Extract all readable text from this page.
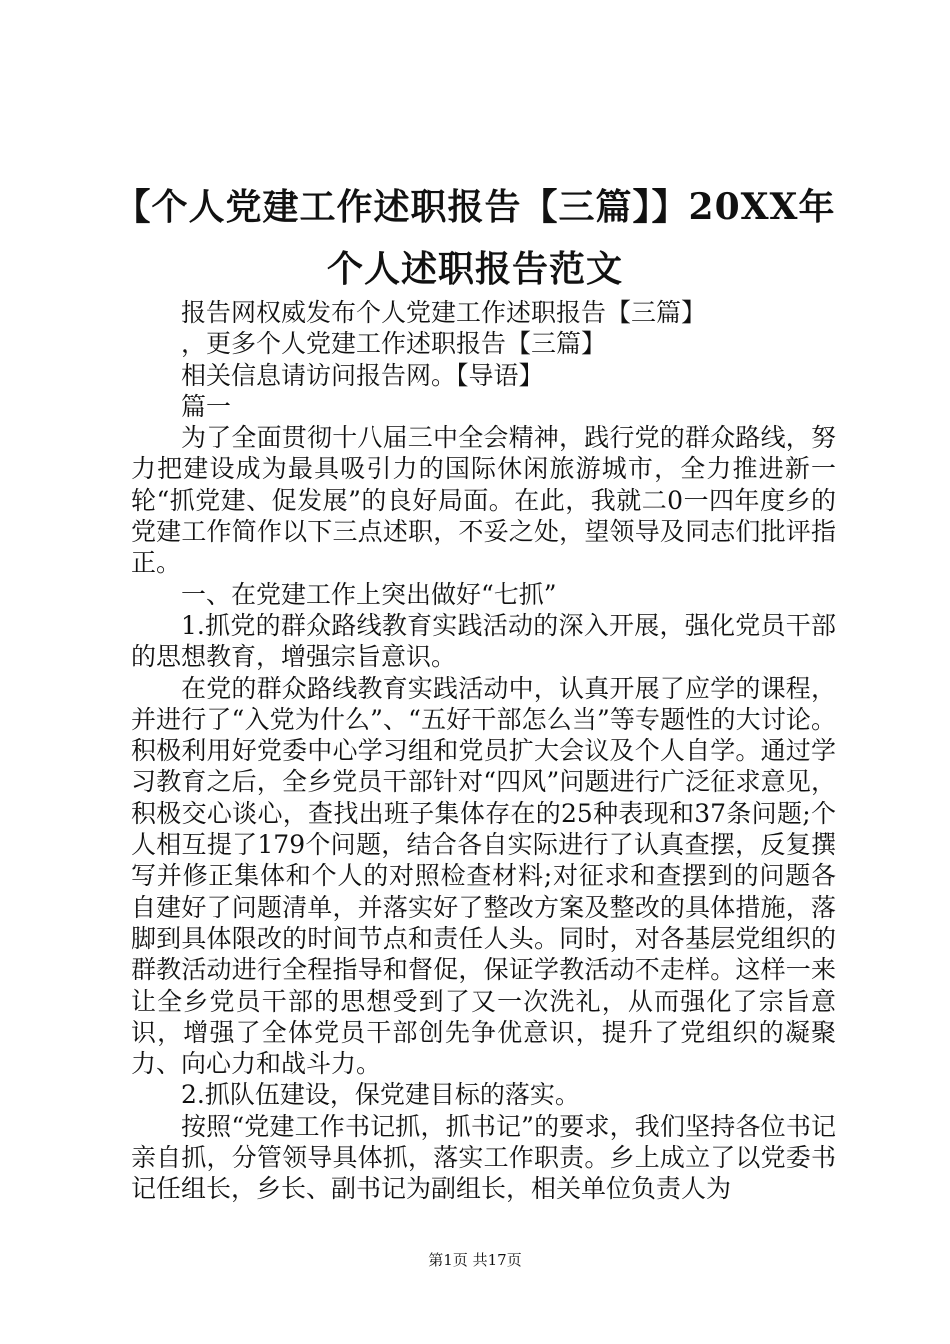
【个人党建工作述职报告【三篇】】20XX年
个人述职报告范文

报告网权威发布个人党建工作述职报告【三篇】

，更多个人党建工作述职报告【三篇】

相关信息请访问报告网。【导语】

篇一

为了全面贯彻十八届三中全会精神，践行党的群众路线，努力把建设成为最具吸引力的国际休闲旅游城市，全力推进新一轮“抓党建、促发展”的良好局面。在此，我就二0一四年度乡的党建工作简作以下三点述职，不妥之处，望领导及同志们批评指正。

一、在党建工作上突出做好“七抓”

1.抓党的群众路线教育实践活动的深入开展，强化党员干部的思想教育，增强宗旨意识。

在党的群众路线教育实践活动中，认真开展了应学的课程，并进行了“入党为什么”、“五好干部怎么当”等专题性的大讨论。积极利用好党委中心学习组和党员扩大会议及个人自学。通过学习教育之后，全乡党员干部针对“四风”问题进行广泛征求意见，积极交心谈心，查找出班子集体存在的25种表现和37条问题;个人相互提了179个问题，结合各自实际进行了认真查摆，反复撰写并修正集体和个人的对照检查材料;对征求和查摆到的问题各自建好了问题清单，并落实好了整改方案及整改的具体措施，落脚到具体限改的时间节点和责任人头。同时，对各基层党组织的群教活动进行全程指导和督促，保证学教活动不走样。这样一来让全乡党员干部的思想受到了又一次洗礼，从而强化了宗旨意识，增强了全体党员干部创先争优意识，提升了党组织的凝聚力、向心力和战斗力。

2.抓队伍建设，保党建目标的落实。

按照“党建工作书记抓，抓书记”的要求，我们坚持各位书记亲自抓，分管领导具体抓，落实工作职责。乡上成立了以党委书记任组长，乡长、副书记为副组长，相关单位负责人为

第1页 共17页
